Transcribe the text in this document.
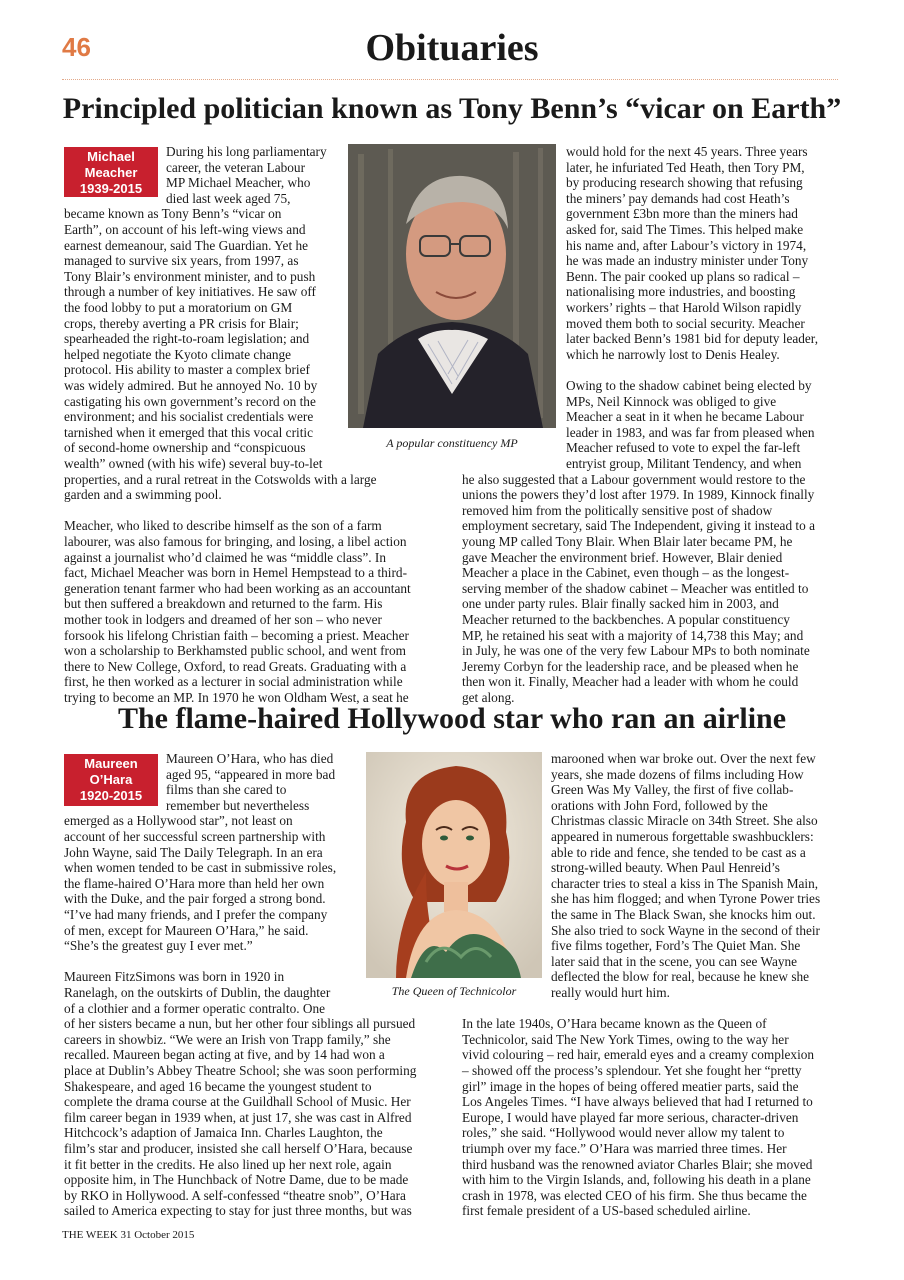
46	Obituaries
Principled politician known as Tony Benn’s “vicar on Earth”
Michael
Meacher
1939-2015
A popular constituency MP
During his long parliamentary
career, the veteran Labour
MP Michael Meacher, who
died last week aged 75,
became known as Tony Benn’s “vicar on
Earth”, on account of his left-wing views and
earnest demeanour, said The Guardian. Yet he
managed to survive six years, from 1997, as
Tony Blair’s environment minister, and to push
through a number of key initiatives. He saw off
the food lobby to put a moratorium on GM
crops, thereby averting a PR crisis for Blair;
spearheaded the right-to-roam legislation; and
helped negotiate the Kyoto climate change
protocol. His ability to master a complex brief
was widely admired. But he annoyed No. 10 by
castigating his own government’s record on the
environment; and his socialist credentials were
tarnished when it emerged that this vocal critic
of second-home ownership and “conspicuous
wealth” owned (with his wife) several buy-to-let
properties, and a rural retreat in the Cotswolds with a large
garden and a swimming pool.

Meacher, who liked to describe himself as the son of a farm
labourer, was also famous for bringing, and losing, a libel action
against a journalist who’d claimed he was “middle class”. In
fact, Michael Meacher was born in Hemel Hempstead to a third-
generation tenant farmer who had been working as an accountant
but then suffered a breakdown and returned to the farm. His
mother took in lodgers and dreamed of her son – who never
forsook his lifelong Christian faith – becoming a priest. Meacher
won a scholarship to Berkhamsted public school, and went from
there to New College, Oxford, to read Greats. Graduating with a
first, he then worked as a lecturer in social administration while
trying to become an MP. In 1970 he won Oldham West, a seat he
would hold for the next 45 years. Three years
later, he infuriated Ted Heath, then Tory PM,
by producing research showing that refusing
the miners’ pay demands had cost Heath’s
government £3bn more than the miners had
asked for, said The Times. This helped make
his name and, after Labour’s victory in 1974,
he was made an industry minister under Tony
Benn. The pair cooked up plans so radical –
nationalising more industries, and boosting
workers’ rights – that Harold Wilson rapidly
moved them both to social security. Meacher
later backed Benn’s 1981 bid for deputy leader,
which he narrowly lost to Denis Healey.

Owing to the shadow cabinet being elected by
MPs, Neil Kinnock was obliged to give
Meacher a seat in it when he became Labour
leader in 1983, and was far from pleased when
Meacher refused to vote to expel the far-left
entryist group, Militant Tendency, and when
he also suggested that a Labour government would restore to the
unions the powers they’d lost after 1979. In 1989, Kinnock finally
removed him from the politically sensitive post of shadow
employment secretary, said The Independent, giving it instead to a
young MP called Tony Blair. When Blair later became PM, he
gave Meacher the environment brief. However, Blair denied
Meacher a place in the Cabinet, even though – as the longest-
serving member of the shadow cabinet – Meacher was entitled to
one under party rules. Blair finally sacked him in 2003, and
Meacher returned to the backbenches. A popular constituency
MP, he retained his seat with a majority of 14,738 this May; and
in July, he was one of the very few Labour MPs to both nominate
Jeremy Corbyn for the leadership race, and be pleased when he
then won it. Finally, Meacher had a leader with whom he could
get along.
The flame-haired Hollywood star who ran an airline
Maureen
O’Hara
1920-2015
The Queen of Technicolor
Maureen O’Hara, who has died
aged 95, “appeared in more bad
films than she cared to
remember but nevertheless
emerged as a Hollywood star”, not least on
account of her successful screen partnership with
John Wayne, said The Daily Telegraph. In an era
when women tended to be cast in submissive roles,
the flame-haired O’Hara more than held her own
with the Duke, and the pair forged a strong bond.
“I’ve had many friends, and I prefer the company
of men, except for Maureen O’Hara,” he said.
“She’s the greatest guy I ever met.”

Maureen FitzSimons was born in 1920 in
Ranelagh, on the outskirts of Dublin, the daughter
of a clothier and a former operatic contralto. One
of her sisters became a nun, but her other four siblings all pursued
careers in showbiz. “We were an Irish von Trapp family,” she
recalled. Maureen began acting at five, and by 14 had won a
place at Dublin’s Abbey Theatre School; she was soon performing
Shakespeare, and aged 16 became the youngest student to
complete the drama course at the Guildhall School of Music. Her
film career began in 1939 when, at just 17, she was cast in Alfred
Hitchcock’s adaption of Jamaica Inn. Charles Laughton, the
film’s star and producer, insisted she call herself O’Hara, because
it fit better in the credits. He also lined up her next role, again
opposite him, in The Hunchback of Notre Dame, due to be made
by RKO in Hollywood. A self-confessed “theatre snob”, O’Hara
sailed to America expecting to stay for just three months, but was
marooned when war broke out. Over the next few
years, she made dozens of films including How
Green Was My Valley, the first of five collab-
orations with John Ford, followed by the
Christmas classic Miracle on 34th Street. She also
appeared in numerous forgettable swashbucklers:
able to ride and fence, she tended to be cast as a
strong-willed beauty. When Paul Henreid’s
character tries to steal a kiss in The Spanish Main,
she has him flogged; and when Tyrone Power tries
the same in The Black Swan, she knocks him out.
She also tried to sock Wayne in the second of their
five films together, Ford’s The Quiet Man. She
later said that in the scene, you can see Wayne
deflected the blow for real, because he knew she
really would hurt him.
In the late 1940s, O’Hara became known as the Queen of
Technicolor, said The New York Times, owing to the way her
vivid colouring – red hair, emerald eyes and a creamy complexion
– showed off the process’s splendour. Yet she fought her “pretty
girl” image in the hopes of being offered meatier parts, said the
Los Angeles Times. “I have always believed that had I returned to
Europe, I would have played far more serious, character-driven
roles,” she said. “Hollywood would never allow my talent to
triumph over my face.” O’Hara was married three times. Her
third husband was the renowned aviator Charles Blair; she moved
with him to the Virgin Islands, and, following his death in a plane
crash in 1978, was elected CEO of his firm. She thus became the
first female president of a US-based scheduled airline.
THE WEEK 31 October 2015
